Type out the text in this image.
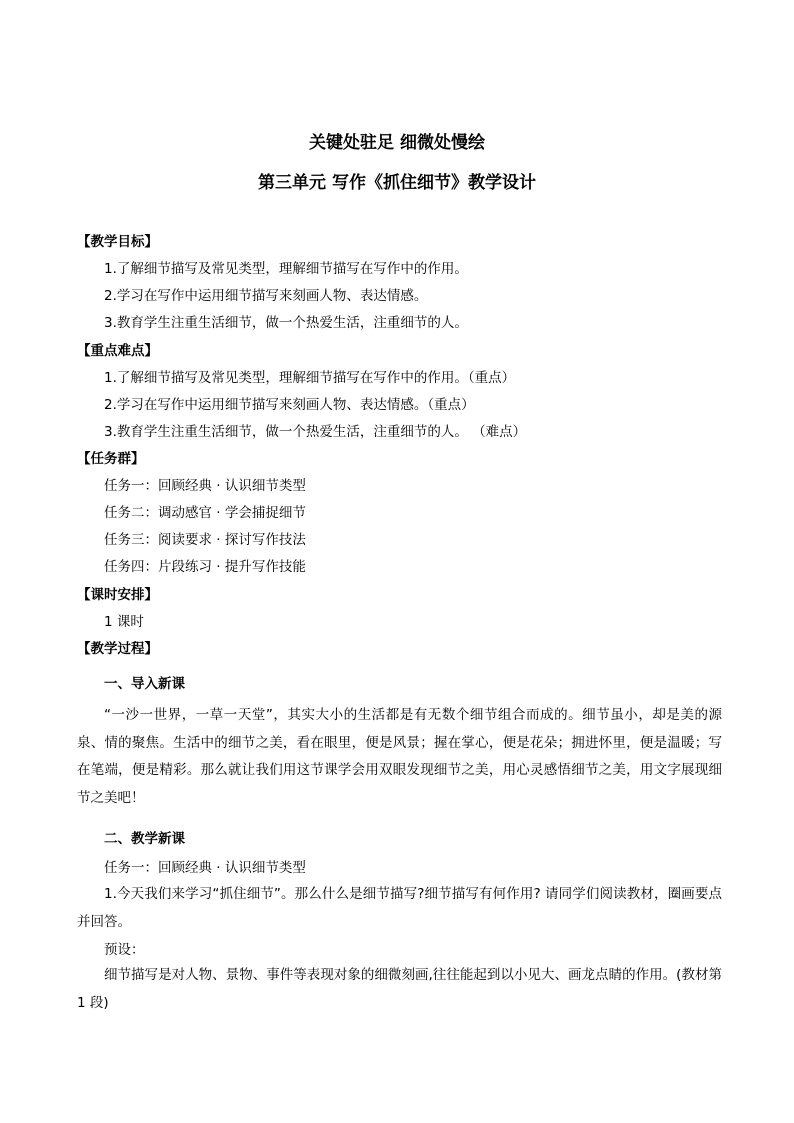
关键处驻足 细微处慢绘
第三单元 写作《抓住细节》教学设计
【教学目标】
1.了解细节描写及常见类型，理解细节描写在写作中的作用。
2.学习在写作中运用细节描写来刻画人物、表达情感。
3.教育学生注重生活细节，做一个热爱生活，注重细节的人。
【重点难点】
1.了解细节描写及常见类型，理解细节描写在写作中的作用。（重点）
2.学习在写作中运用细节描写来刻画人物、表达情感。（重点）
3.教育学生注重生活细节，做一个热爱生活，注重细节的人。 （难点）
【任务群】
任务一：回顾经典 · 认识细节类型
任务二：调动感官 · 学会捕捉细节
任务三：阅读要求 · 探讨写作技法
任务四：片段练习 · 提升写作技能
【课时安排】
1 课时
【教学过程】
一、导入新课
“一沙一世界，一草一天堂”，其实大小的生活都是有无数个细节组合而成的。细节虽小，却是美的源泉、情的聚焦。生活中的细节之美，看在眼里，便是风景；握在掌心，便是花朵；拥进怀里，便是温暖；写在笔端，便是精彩。那么就让我们用这节课学会用双眼发现细节之美，用心灵感悟细节之美，用文字展现细节之美吧！
二、教学新课
任务一：回顾经典 · 认识细节类型
1.今天我们来学习“抓住细节”。那么什么是细节描写?细节描写有何作用? 请同学们阅读教材，圈画要点并回答。
预设：
细节描写是对人物、景物、事件等表现对象的细微刻画,往往能起到以小见大、画龙点睛的作用。(教材第 1 段)
